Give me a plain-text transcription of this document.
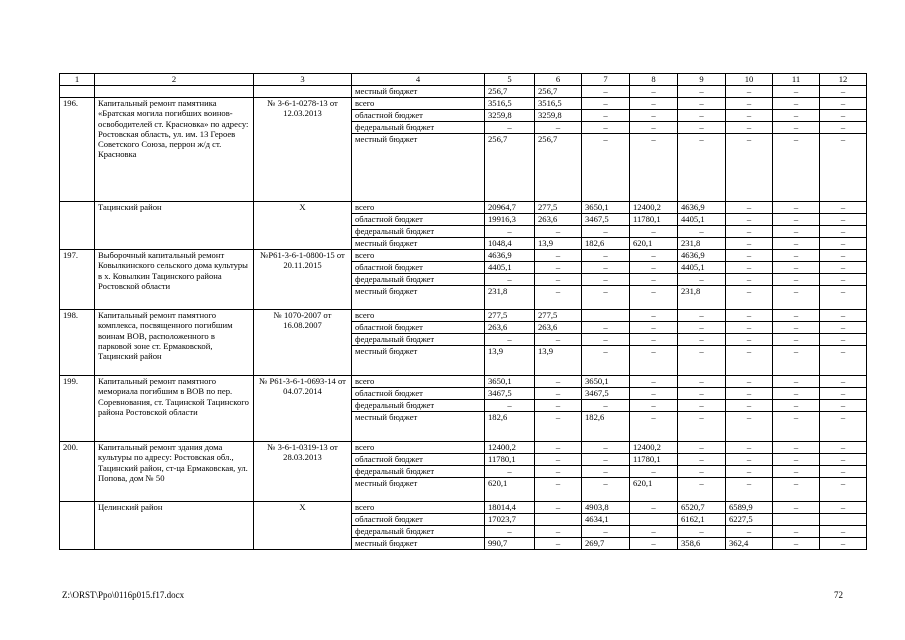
1	2	3	4	5	6	7	8	9	10	11	12
			местный бюджет	256,7	256,7	–	–	–	–	–	–
196.	Капитальный ремонт памятника «Братская могила погибших воинов-освободителей ст. Красновка» по адресу: Ростовская область, ул. им. 13 Героев Советского Союза, перрон ж/д ст. Красновка	№ 3-6-1-0278-13 от 12.03.2013	всего	3516,5	3516,5	–	–	–	–	–	–
			областной бюджет	3259,8	3259,8	–	–	–	–	–	–
			федеральный бюджет	–	–	–	–	–	–	–	–
			местный бюджет	256,7	256,7	–	–	–	–	–	–
	Тацинский район	Х	всего	20964,7	277,5	3650,1	12400,2	4636,9	–	–	–
			областной бюджет	19916,3	263,6	3467,5	11780,1	4405,1	–	–	–
			федеральный бюджет	–	–	–	–	–	–	–	–
			местный бюджет	1048,4	13,9	182,6	620,1	231,8	–	–	–
197.	Выборочный капитальный ремонт Ковылкинского сельского дома культуры в х. Ковылкин Тацинского района Ростовской области	№Р61-3-6-1-0800-15 от 20.11.2015	всего	4636,9	–	–	–	4636,9	–	–	–
			областной бюджет	4405,1	–	–	–	4405,1	–	–	–
			федеральный бюджет	–	–	–	–	–	–	–	–
			местный бюджет	231,8	–	–	–	231,8	–	–	–
198.	Капитальный ремонт памятного комплекса, посвященного погибшим воинам ВОВ, расположенного в парковой зоне ст. Ермаковской, Тацинский район	№ 1070-2007 от 16.08.2007	всего	277,5	277,5		–	–	–	–	–
			областной бюджет	263,6	263,6	–	–	–	–	–	–
			федеральный бюджет	–	–	–	–	–	–	–	–
			местный бюджет	13,9	13,9	–	–	–	–	–	–
199.	Капитальный ремонт памятного мемориала погибшим в ВОВ по пер. Соревнования, ст. Тацинской Тацинского района Ростовской области	№ Р61-3-6-1-0693-14 от 04.07.2014	всего	3650,1	–	3650,1	–	–	–	–	–
			областной бюджет	3467,5	–	3467,5	–	–	–	–	–
			федеральный бюджет	–	–	–	–	–	–	–	–
			местный бюджет	182,6	–	182,6	–	–	–	–	–
200.	Капитальный ремонт здания дома культуры по адресу: Ростовская обл., Тацинский район, ст-ца Ермаковская, ул. Попова, дом № 50	№ 3-6-1-0319-13 от 28.03.2013	всего	12400,2	–	–	12400,2	–	–	–	–
			областной бюджет	11780,1	–	–	11780,1	–	–	–	–
			федеральный бюджет	–	–	–	–	–	–	–	–
			местный бюджет	620,1	–	–	620,1	–	–	–	–
	Целинский район	Х	всего	18014,4	–	4903,8	–	6520,7	6589,9	–	–
			областной бюджет	17023,7		4634,1		6162,1	6227,5		
			федеральный бюджет	–	–	–	–	–	–	–	–
			местный бюджет	990,7	–	269,7	–	358,6	362,4	–	–
Z:\ORST\Ppo\0116p015.f17.docx	72
